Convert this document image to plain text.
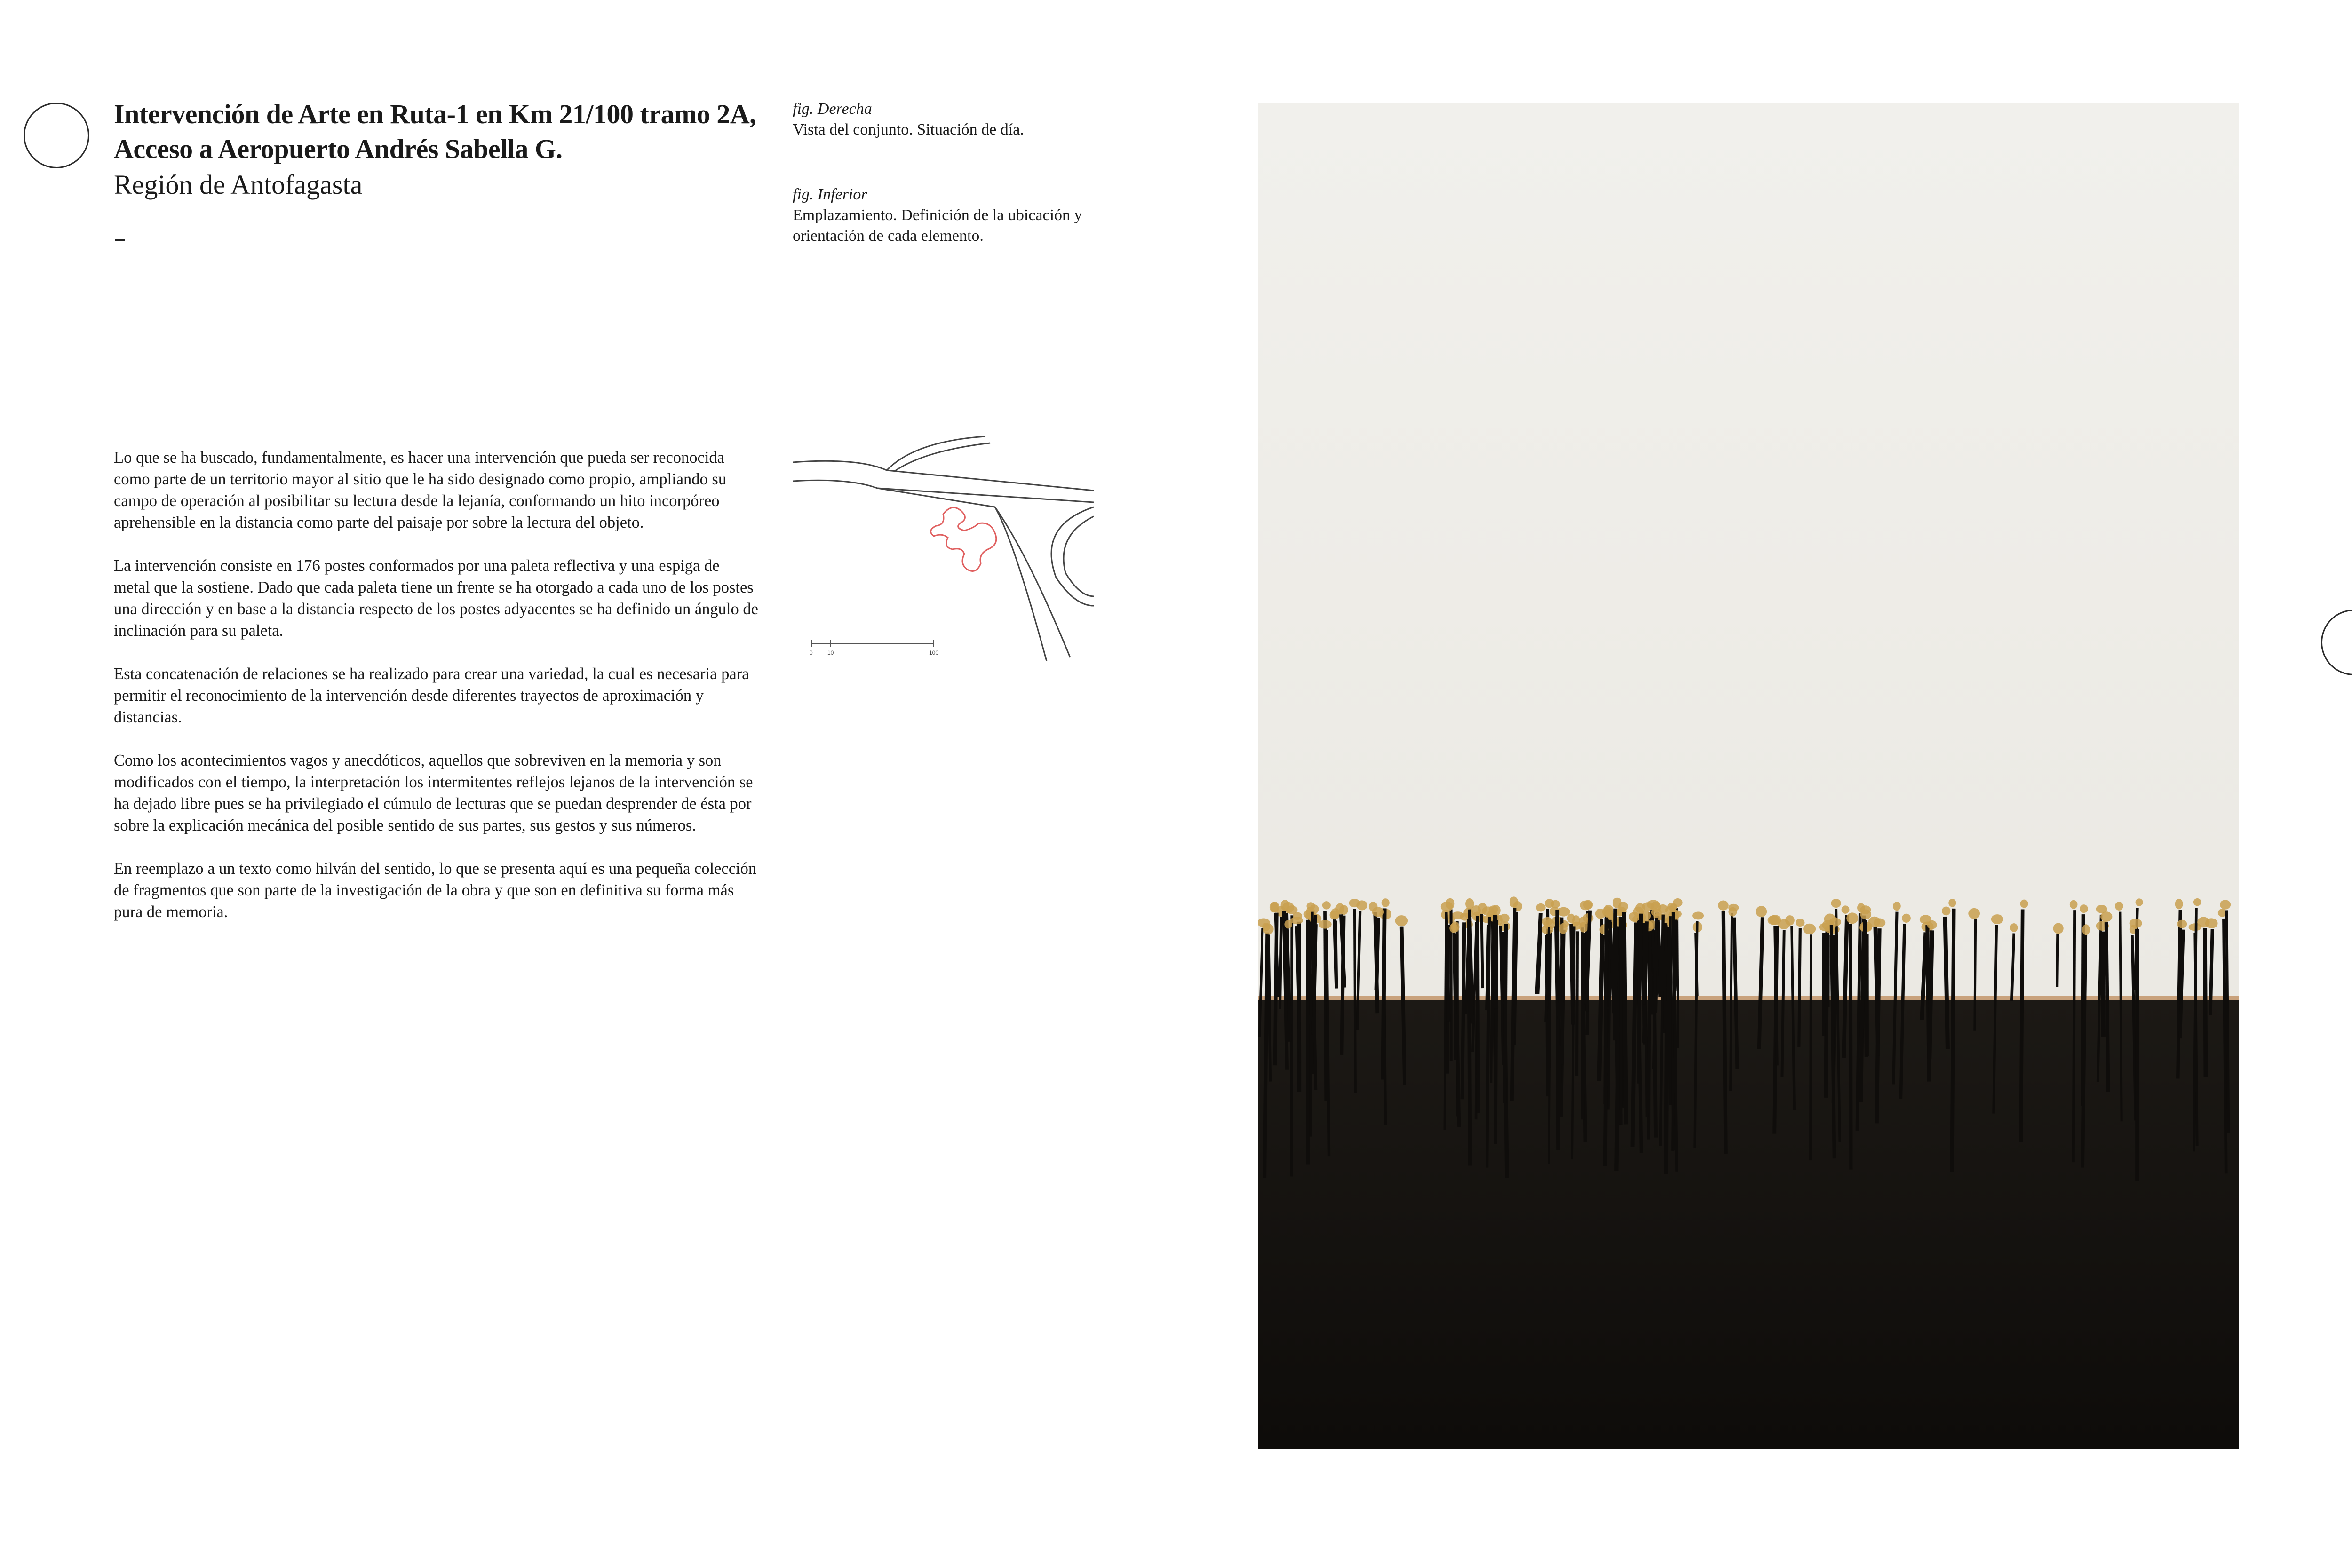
Intervención de Arte en Ruta-1 en Km 21/100 tramo 2A, Acceso a Aeropuerto Andrés Sabella G.
Región de Antofagasta
fig. Derecha
Vista del conjunto. Situación de día.
fig. Inferior
Emplazamiento. Definición de la ubicación y orientación de cada elemento.

Lo que se ha buscado, fundamentalmente, es hacer una intervención que pueda ser reconocida como parte de un territorio mayor al sitio que le ha sido designado como propio, ampliando su campo de operación al posibilitar su lectura desde la lejanía, conformando un hito incorpóreo aprehensible en la distancia como parte del paisaje por sobre la lectura del objeto.

La intervención consiste en 176 postes conformados por una paleta reflectiva y una espiga de metal que la sostiene. Dado que cada paleta tiene un frente se ha otorgado a cada uno de los postes una dirección y en base a la distancia respecto de los postes adyacentes se ha definido un ángulo de inclinación para su paleta.

Esta concatenación de relaciones se ha realizado para crear una variedad, la cual es necesaria para permitir el reconocimiento de la intervención desde diferentes trayectos de aproximación y distancias.

Como los acontecimientos vagos y anecdóticos, aquellos que sobreviven en la memoria y son modificados con el tiempo, la interpretación los intermitentes reflejos lejanos de la intervención se ha dejado libre pues se ha privilegiado el cúmulo de lecturas que se puedan desprender de ésta por sobre la explicación mecánica del posible sentido de sus partes, sus gestos y sus números.

En reemplazo a un texto como hilván del sentido, lo que se presenta aquí es una pequeña colección de fragmentos que son parte de la investigación de la obra y que son en definitiva su forma más pura de memoria.

0	10	100
